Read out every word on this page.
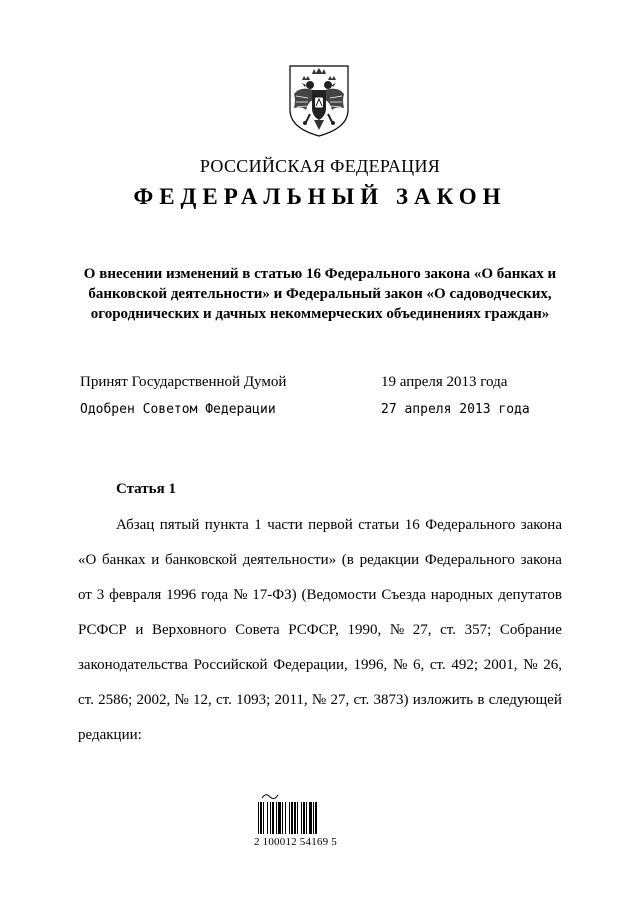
РОССИЙСКАЯ ФЕДЕРАЦИЯ
ФЕДЕРАЛЬНЫЙ ЗАКОН
О внесении изменений в статью 16 Федерального закона «О банках и
банковской деятельности» и Федеральный закон «О садоводческих,
огороднических и дачных некоммерческих объединениях граждан»
Принят Государственной Думой	19 апреля 2013 года
Одобрен Советом Федерации	27 апреля 2013 года
Статья 1
Абзац пятый пункта 1 части первой статьи 16 Федерального закона
«О банках и банковской деятельности» (в редакции Федерального закона
от 3 февраля 1996 года № 17-ФЗ) (Ведомости Съезда народных депутатов
РСФСР и Верховного Совета РСФСР, 1990, № 27, ст. 357; Собрание
законодательства Российской Федерации, 1996, № 6, ст. 492; 2001, № 26,
ст. 2586; 2002, № 12, ст. 1093; 2011, № 27, ст. 3873) изложить в следующей
редакции:
2 100012 54169 5
